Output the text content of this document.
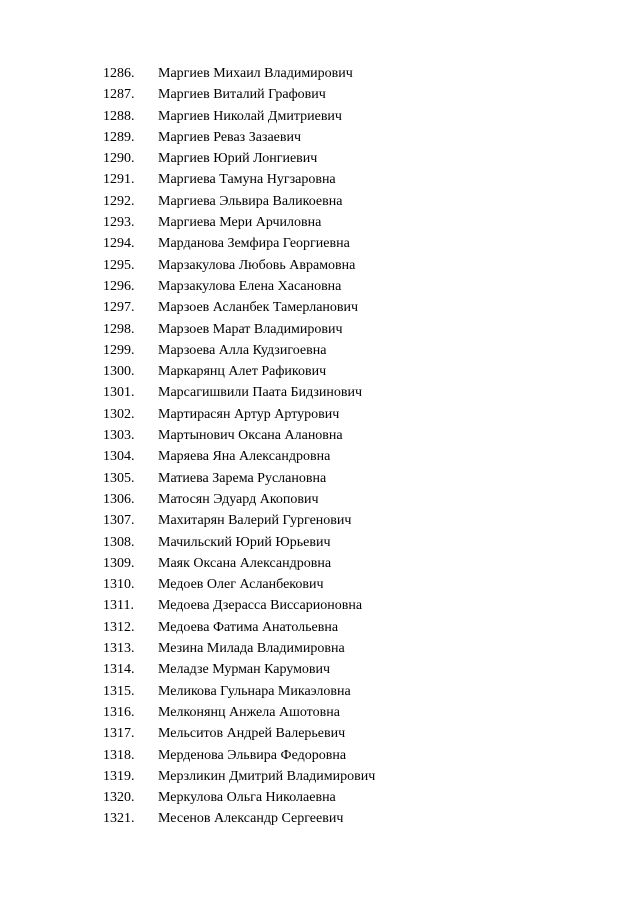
1286. Маргиев Михаил Владимирович
1287. Маргиев Виталий Графович
1288. Маргиев Николай Дмитриевич
1289. Маргиев Реваз Зазаевич
1290. Маргиев Юрий Лонгиевич
1291. Маргиева Тамуна Нугзаровна
1292. Маргиева Эльвира Валикоевна
1293. Маргиева Мери Арчиловна
1294. Марданова Земфира Георгиевна
1295. Марзакулова Любовь Аврамовна
1296. Марзакулова Елена Хасановна
1297. Марзоев Асланбек Тамерланович
1298. Марзоев Марат Владимирович
1299. Марзоева Алла Кудзигоевна
1300. Маркарянц Алет Рафикович
1301. Марсагишвили Пaата Бидзинович
1302. Мартирасян Артур Артурович
1303. Мартынович Оксана Алановна
1304. Маряева Яна Александровна
1305. Матиева Зарема Руслановна
1306. Матосян Эдуард Акопович
1307. Махитарян Валерий Гургенович
1308. Мачильский Юрий Юрьевич
1309. Маяк Оксана Александровна
1310. Медоев Олег Асланбекович
1311. Медоева Дзерасса Виссарионовна
1312. Медоева Фатима Анатольевна
1313. Мезина Милада Владимировна
1314. Меладзе Мурман Карумович
1315. Меликова Гульнара Микаэловна
1316. Мелконянц Анжела Ашотовна
1317. Мельситов Андрей Валерьевич
1318. Мерденова Эльвира Федоровна
1319. Мерзликин Дмитрий Владимирович
1320. Меркулова Ольга Николаевна
1321. Месенов Александр Сергеевич
